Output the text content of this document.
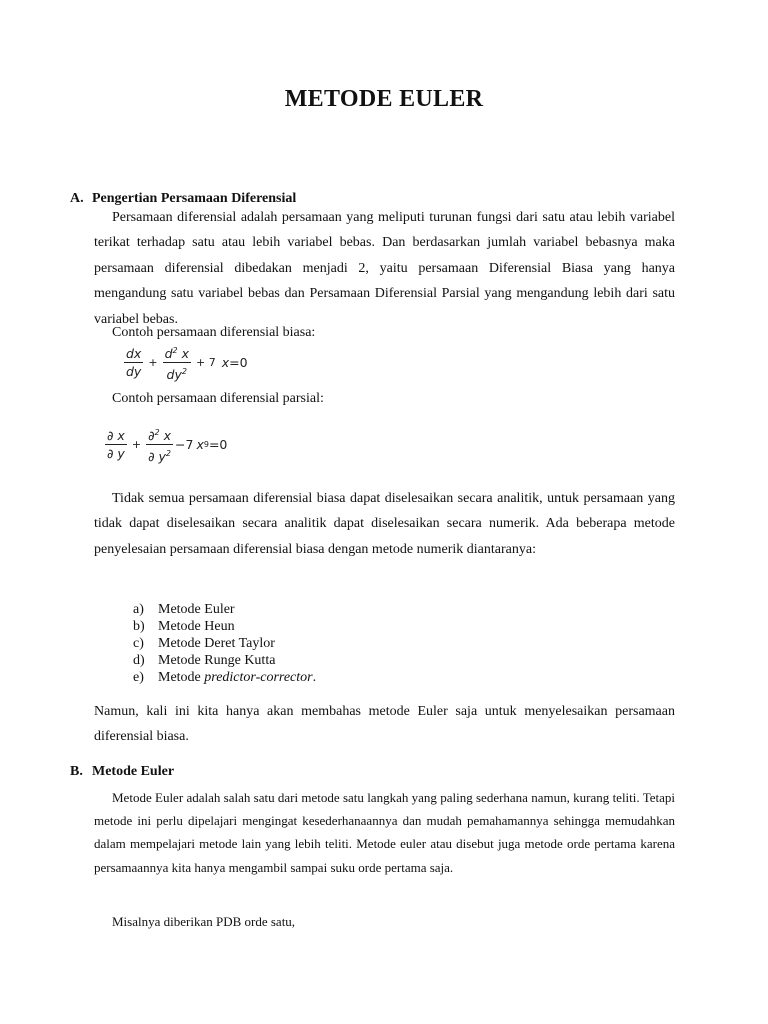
METODE EULER
A. Pengertian Persamaan Diferensial

Persamaan diferensial adalah persamaan yang meliputi turunan fungsi dari satu atau lebih variabel terikat terhadap satu atau lebih variabel bebas. Dan berdasarkan jumlah variabel bebasnya maka persamaan diferensial dibedakan menjadi 2, yaitu persamaan Diferensial Biasa yang hanya mengandung satu variabel bebas dan Persamaan Diferensial Parsial yang mengandung lebih dari satu variabel bebas.

Contoh persamaan diferensial biasa:
$\frac{dx}{dy} + \frac{d^2 x}{dy^2} + 7$ x =0
Contoh persamaan diferensial parsial:
$\frac{\partial x}{\partial y} + \frac{\partial^2 x}{\partial y^2} -7$ x 9 =0

Tidak semua persamaan diferensial biasa dapat diselesaikan secara analitik, untuk persamaan yang tidak dapat diselesaikan secara analitik dapat diselesaikan secara numerik. Ada beberapa metode penyelesaian persamaan diferensial biasa dengan metode numerik diantaranya:

a) Metode Euler
b) Metode Heun
c) Metode Deret Taylor
d) Metode Runge Kutta
e) Metode predictor-corrector.

Namun, kali ini kita hanya akan membahas metode Euler saja untuk menyelesaikan persamaan diferensial biasa.

B. Metode Euler

Metode Euler adalah salah satu dari metode satu langkah yang paling sederhana namun, kurang teliti. Tetapi metode ini perlu dipelajari mengingat kesederhanaannya dan mudah pemahamannya sehingga memudahkan dalam mempelajari metode lain yang lebih teliti. Metode euler atau disebut juga metode orde pertama karena persamaannya kita hanya mengambil sampai suku orde pertama saja.

Misalnya diberikan PDB orde satu,
